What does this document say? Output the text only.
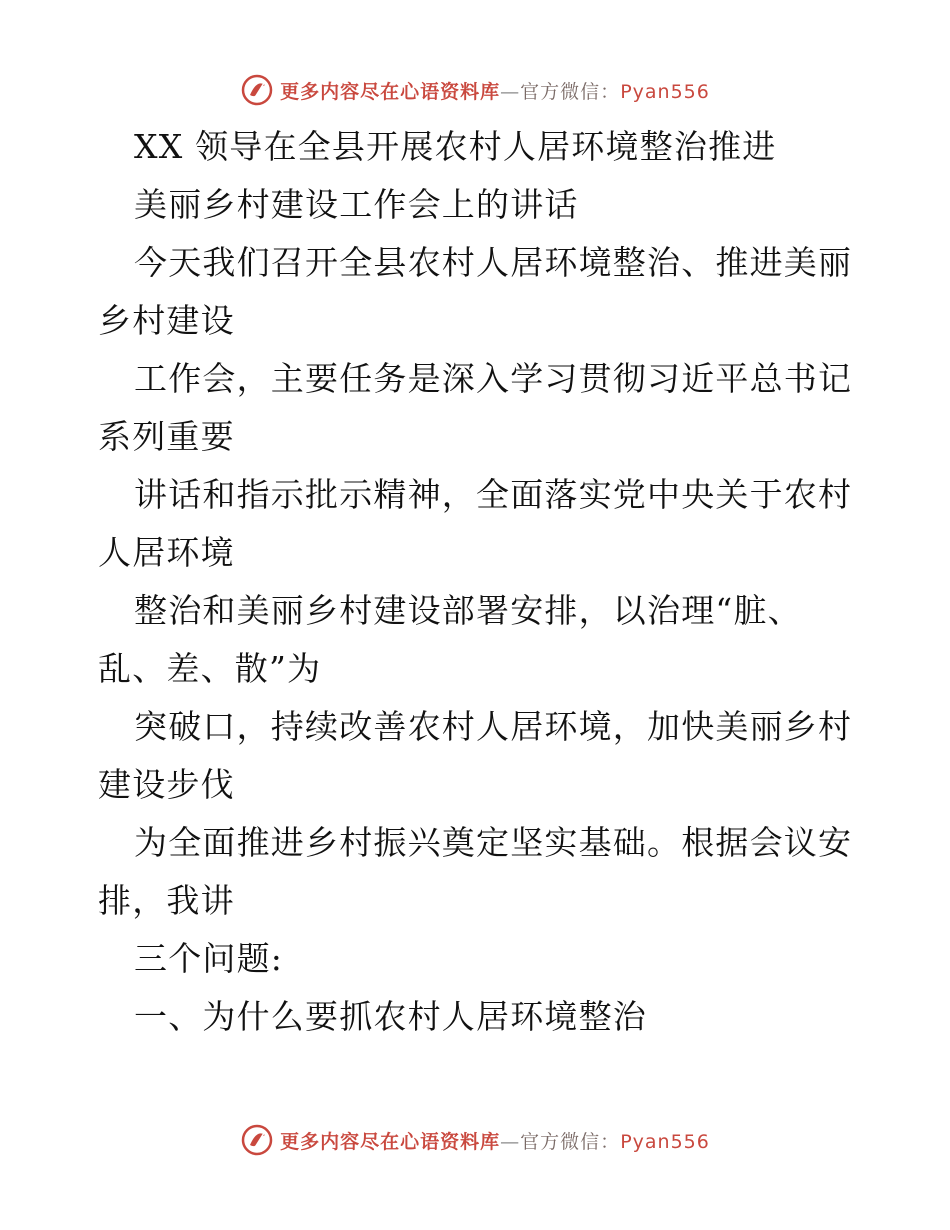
更多内容尽在心语资料库—官方微信：Pyan556
XX 领导在全县开展农村人居环境整治推进
美丽乡村建设工作会上的讲话
今天我们召开全县农村人居环境整治、推进美丽
乡村建设
工作会，主要任务是深入学习贯彻习近平总书记
系列重要
讲话和指示批示精神，全面落实党中央关于农村
人居环境
整治和美丽乡村建设部署安排，以治理“脏、
乱、差、散”为
突破口，持续改善农村人居环境，加快美丽乡村
建设步伐
为全面推进乡村振兴奠定坚实基础。根据会议安
排，我讲
三个问题:
一、为什么要抓农村人居环境整治
更多内容尽在心语资料库—官方微信：Pyan556
